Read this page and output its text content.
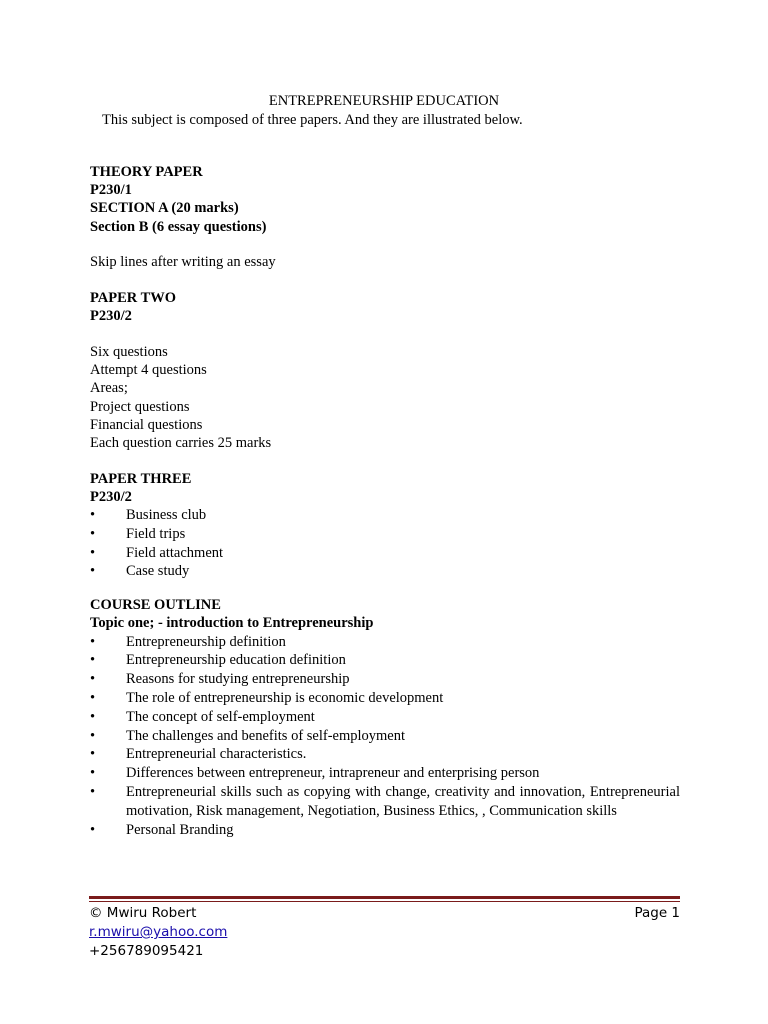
ENTREPRENEURSHIP EDUCATION
This subject is composed of three papers. And they are illustrated below.
THEORY PAPER
P230/1
SECTION A (20 marks)
Section B (6 essay questions)
Skip lines after writing an essay
PAPER TWO
P230/2
Six questions
Attempt 4 questions
Areas;
Project questions
Financial questions
Each question carries 25 marks
PAPER THREE
P230/2
•	Business club
•	Field trips
•	Field attachment
•	Case study
COURSE OUTLINE
Topic one; - introduction to Entrepreneurship
•	Entrepreneurship definition
•	Entrepreneurship education definition
•	Reasons for studying entrepreneurship
•	The role of entrepreneurship is economic development
•	The concept of self-employment
•	The challenges and benefits of self-employment
•	Entrepreneurial characteristics.
•	Differences between entrepreneur, intrapreneur and enterprising person
•	Entrepreneurial skills such as copying with change, creativity and innovation, Entrepreneurial motivation, Risk management, Negotiation, Business Ethics, , Communication skills
•	Personal Branding
© Mwiru Robert	Page 1
r.mwiru@yahoo.com
+256789095421
